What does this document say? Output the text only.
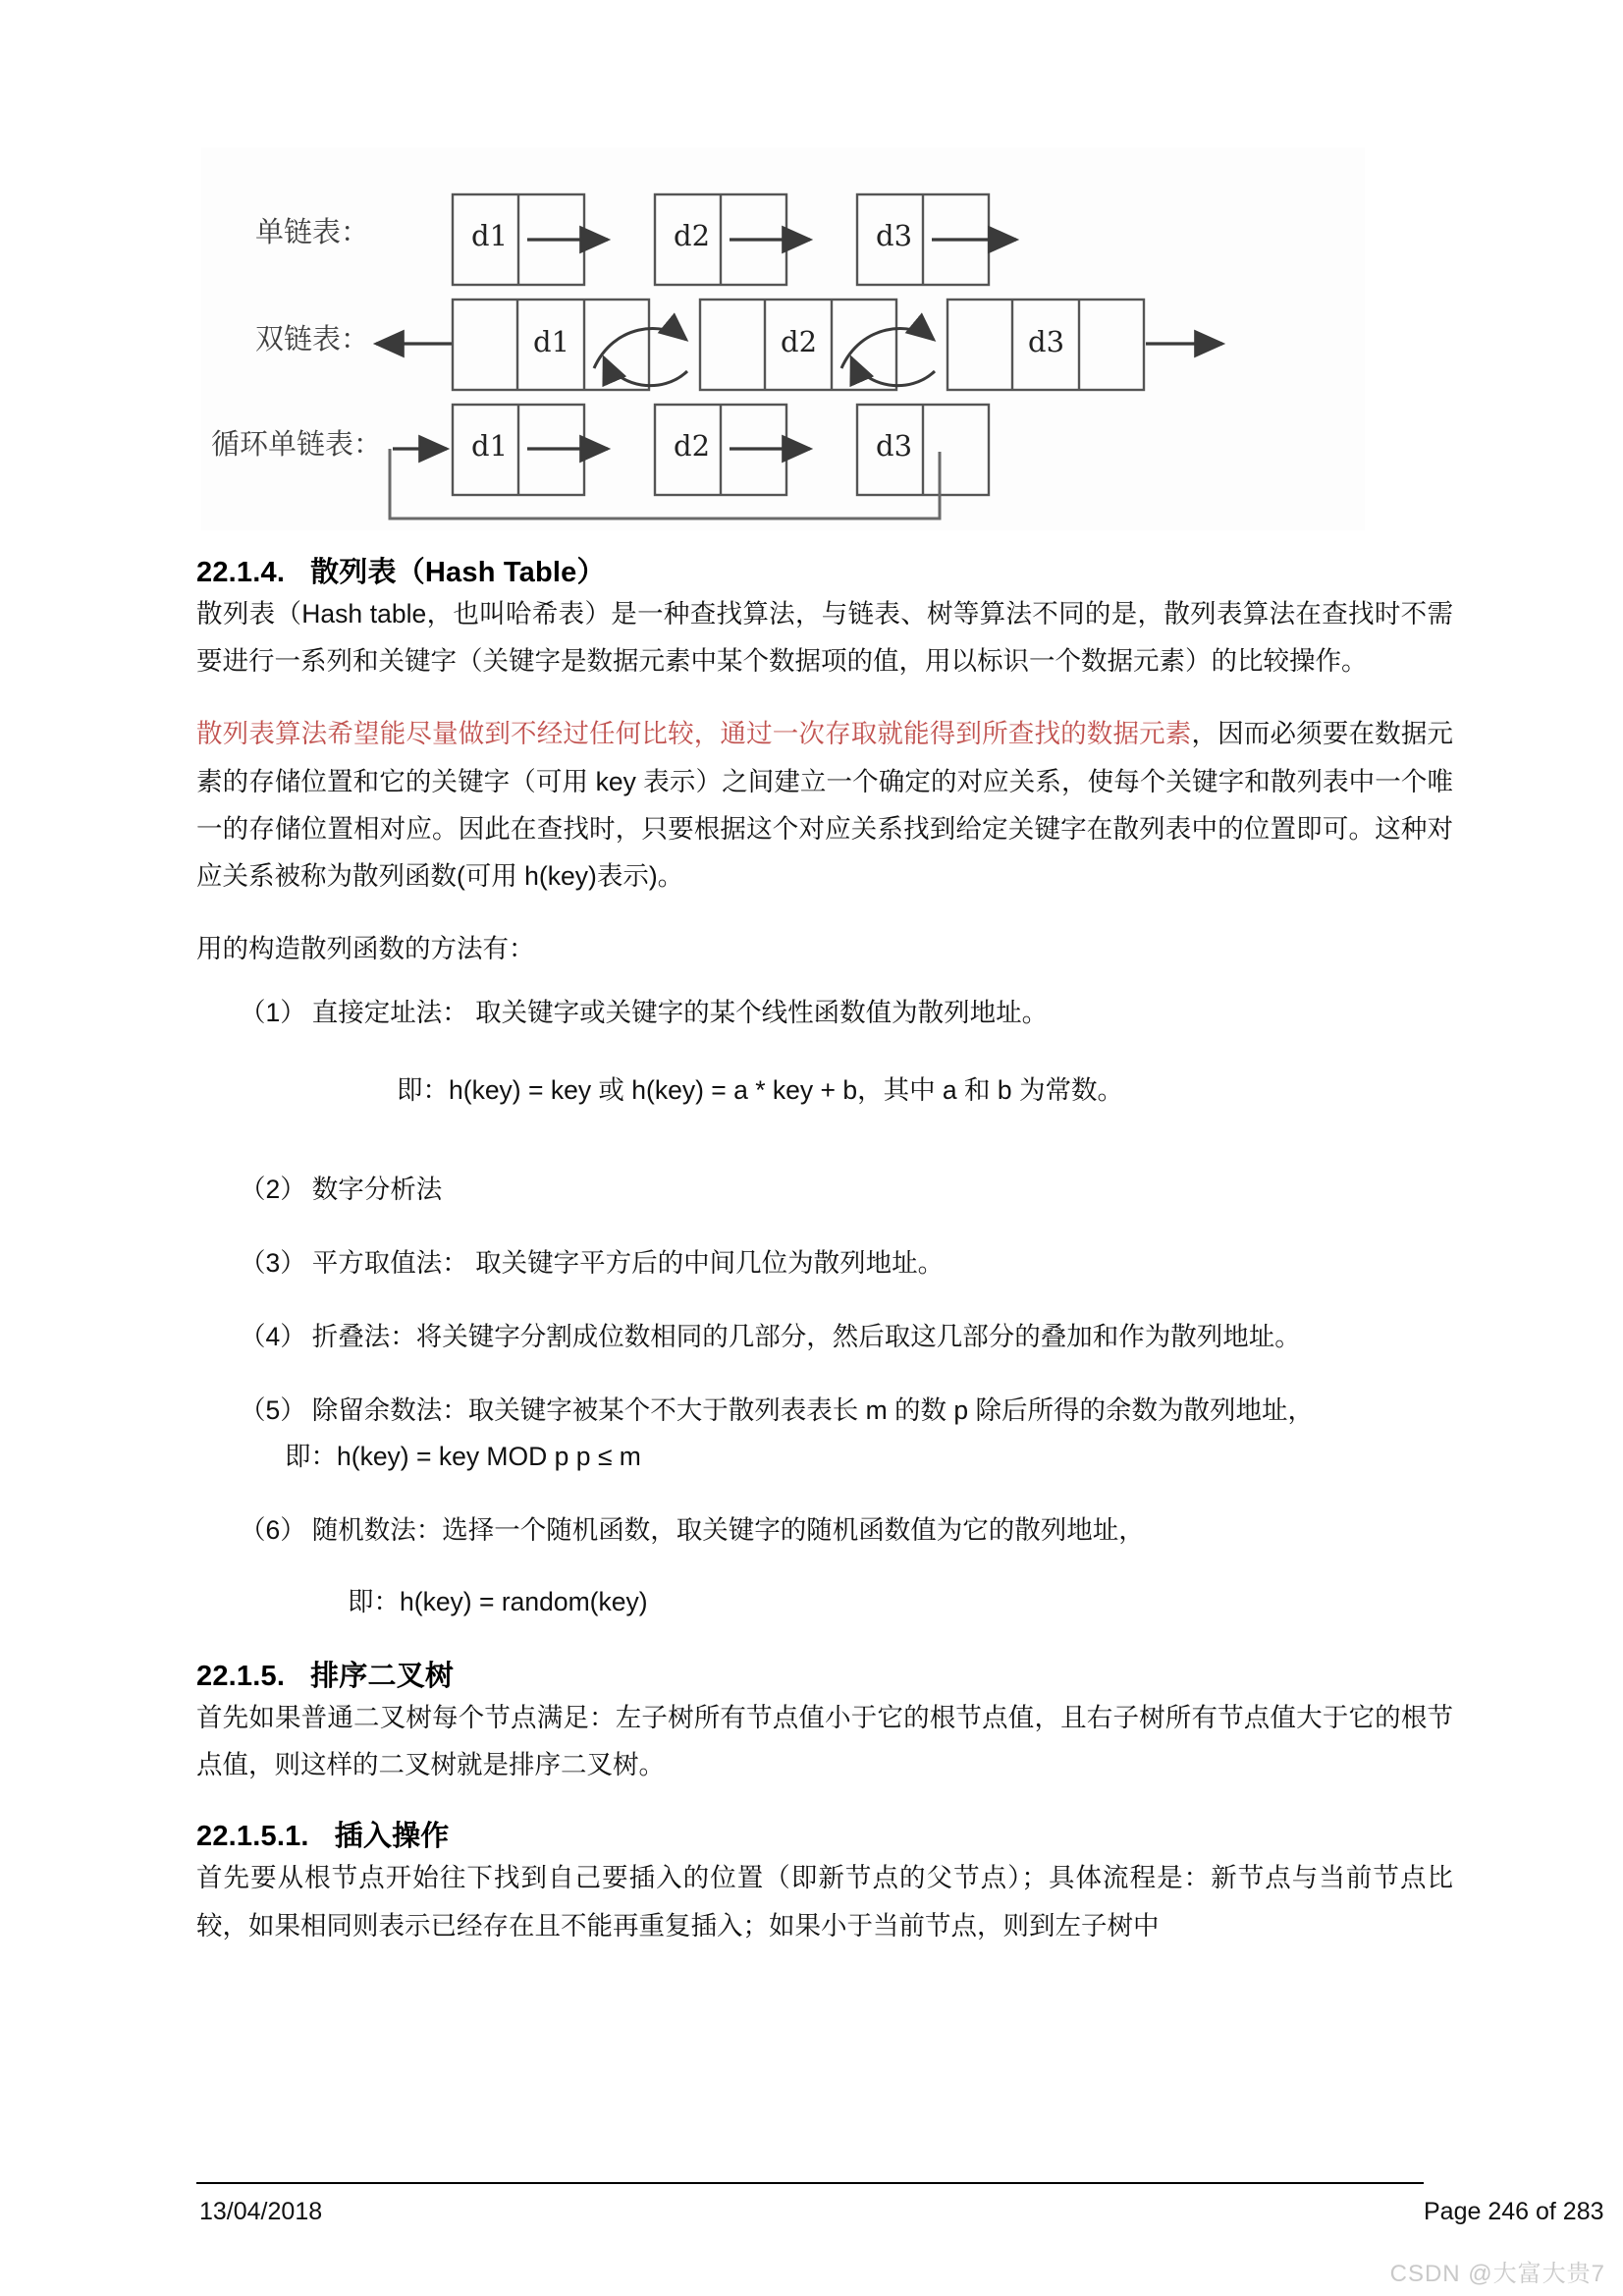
单链表：	d1	d2	d3
双链表：	d1	d2	d3
循环单链表：	d1	d2	d3
22.1.4. 散列表（Hash Table）

散列表（Hash table，也叫哈希表）是一种查找算法，与链表、树等算法不同的是，散列表算法在查找时不需要进行一系列和关键字（关键字是数据元素中某个数据项的值，用以标识一个数据元素）的比较操作。

散列表算法希望能尽量做到不经过任何比较，通过一次存取就能得到所查找的数据元素，因而必须要在数据元素的存储位置和它的关键字（可用 key 表示）之间建立一个确定的对应关系，使每个关键字和散列表中一个唯一的存储位置相对应。因此在查找时，只要根据这个对应关系找到给定关键字在散列表中的位置即可。这种对应关系被称为散列函数(可用 h(key)表示)。

用的构造散列函数的方法有：

（1） 直接定址法： 取关键字或关键字的某个线性函数值为散列地址。
即：h(key) = key 或 h(key) = a * key + b，其中 a 和 b 为常数。
（2） 数字分析法
（3） 平方取值法： 取关键字平方后的中间几位为散列地址。
（4） 折叠法：将关键字分割成位数相同的几部分，然后取这几部分的叠加和作为散列地址。
（5） 除留余数法：取关键字被某个不大于散列表表长 m 的数 p 除后所得的余数为散列地址，
即：h(key) = key MOD p p ≤ m
（6） 随机数法：选择一个随机函数，取关键字的随机函数值为它的散列地址，
即：h(key) = random(key)
22.1.5. 排序二叉树

首先如果普通二叉树每个节点满足：左子树所有节点值小于它的根节点值，且右子树所有节点值大于它的根节点值，则这样的二叉树就是排序二叉树。

22.1.5.1. 插入操作

首先要从根节点开始往下找到自己要插入的位置（即新节点的父节点）；具体流程是：新节点与当前节点比较，如果相同则表示已经存在且不能再重复插入；如果小于当前节点，则到左子树中

13/04/2018	Page 246 of 283
CSDN @大富大贵7
